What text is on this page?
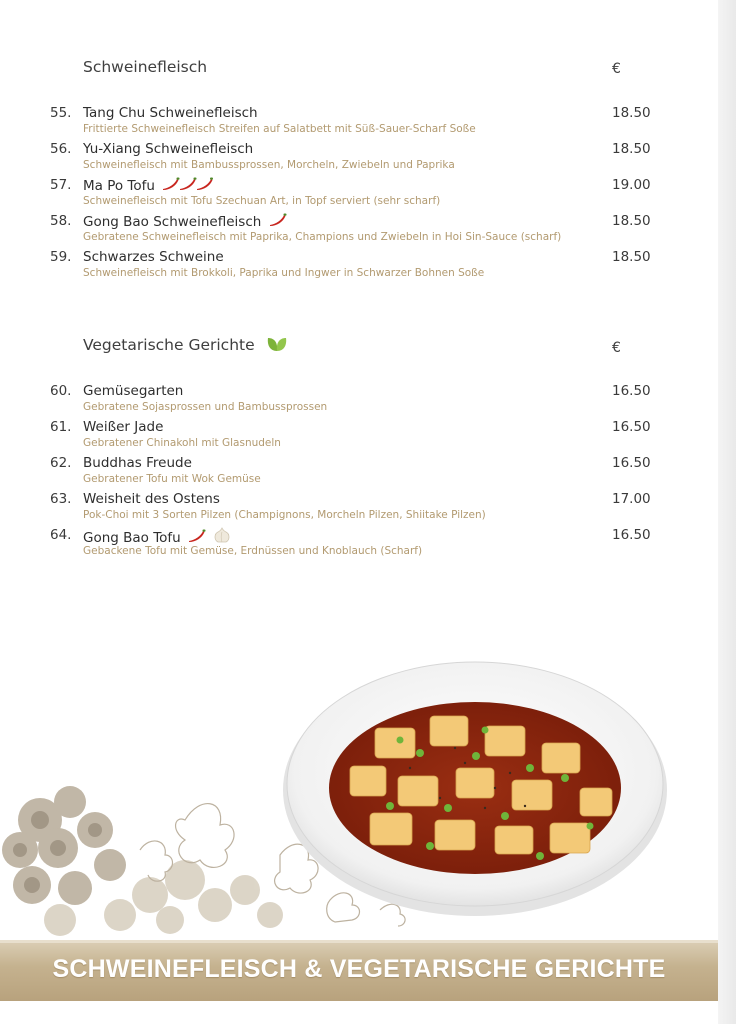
Schweinefleisch	€
55. Tang Chu Schweinefleisch
Frittierte Schweinefleisch Streifen auf Salatbett mit Süß-Sauer-Scharf Soße
18.50
56. Yu-Xiang Schweinefleisch
Schweinefleisch mit Bambussprossen, Morcheln, Zwiebeln und Paprika
18.50
57. Ma Po Tofu
Schweinefleisch mit Tofu Szechuan Art, in Topf serviert (sehr scharf)
19.00
58. Gong Bao Schweinefleisch
Gebratene Schweinefleisch mit Paprika, Champions und Zwiebeln in Hoi Sin-Sauce (scharf)
18.50
59. Schwarzes Schweine
Schweinefleisch mit Brokkoli, Paprika und Ingwer in Schwarzer Bohnen Soße
18.50
Vegetarische Gerichte	€
60. Gemüsegarten
Gebratene Sojasprossen und Bambussprossen
16.50
61. Weißer Jade
Gebratener Chinakohl mit Glasnudeln
16.50
62. Buddhas Freude
Gebratener Tofu mit Wok Gemüse
16.50
63. Weisheit des Ostens
Pok-Choi mit 3 Sorten Pilzen (Champignons, Morcheln Pilzen, Shiitake Pilzen)
17.00
64. Gong Bao Tofu
Gebackene Tofu mit Gemüse, Erdnüssen und Knoblauch (Scharf)
16.50
SCHWEINEFLEISCH & VEGETARISCHE GERICHTE
